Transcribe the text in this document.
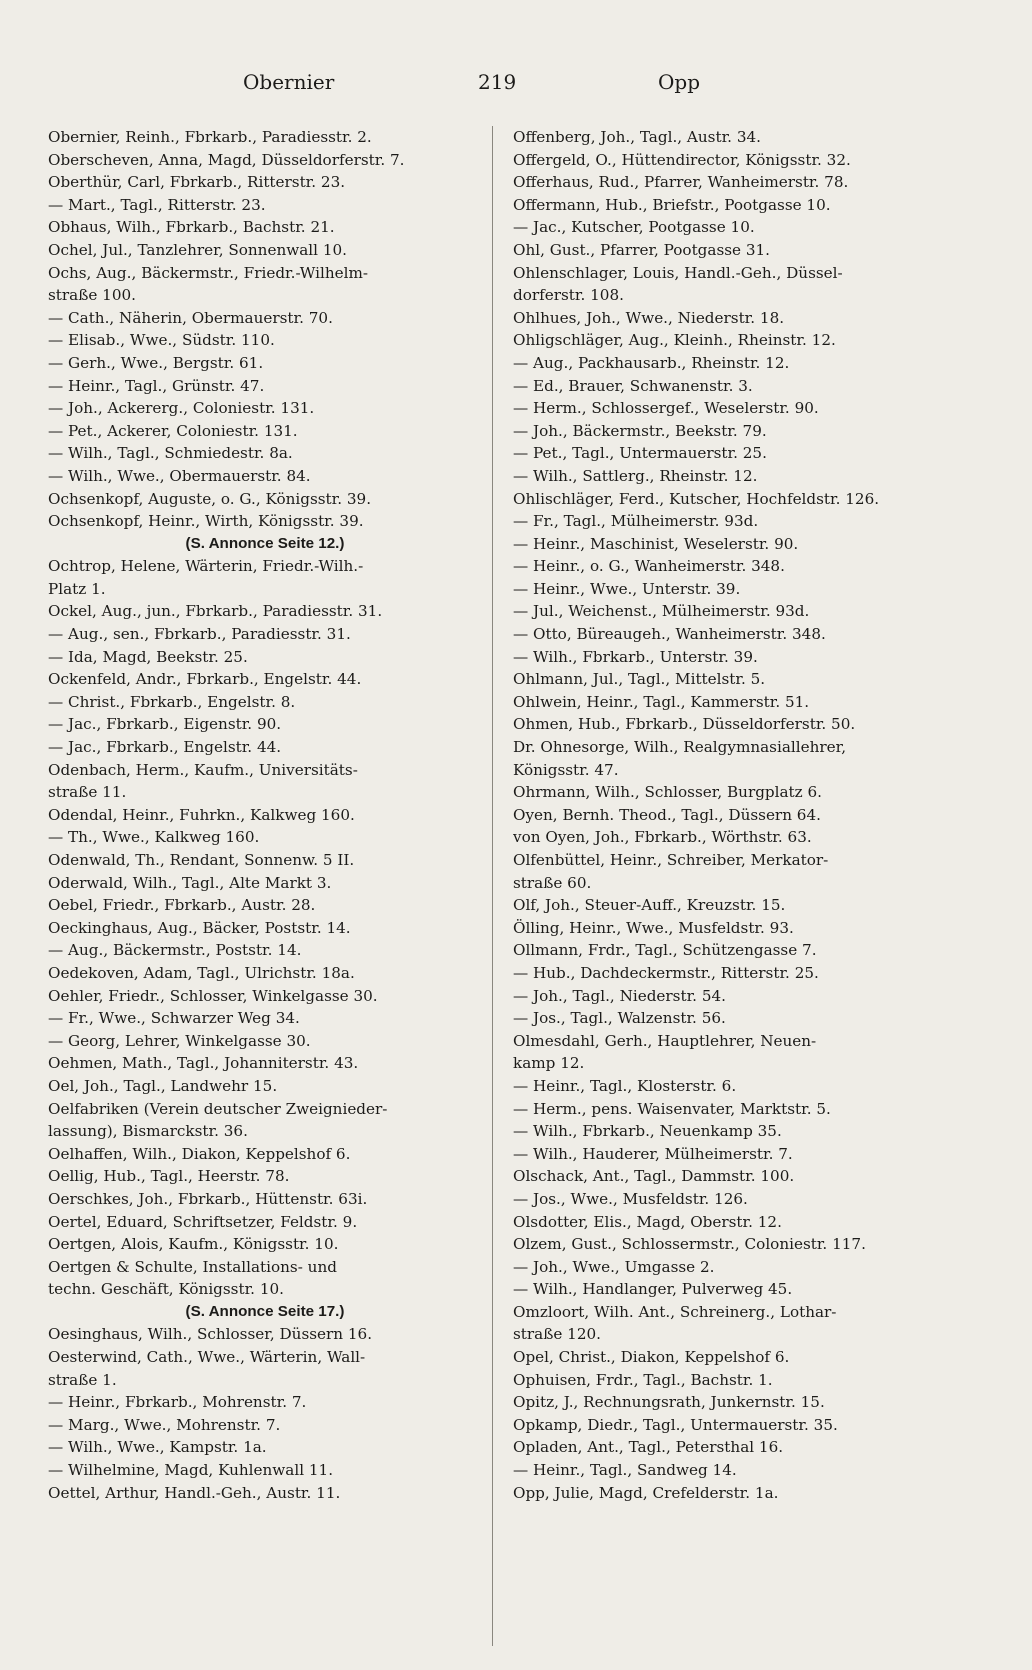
Obernier	219	Opp
Obernier, Reinh., Fbrkarb., Paradiesstr. 2.
Oberscheven, Anna, Magd, Düsseldorferstr. 7.
Oberthür, Carl, Fbrkarb., Ritterstr. 23.
— Mart., Tagl., Ritterstr. 23.
Obhaus, Wilh., Fbrkarb., Bachstr. 21.
Ochel, Jul., Tanzlehrer, Sonnenwall 10.
Ochs, Aug., Bäckermstr., Friedr.-Wilhelm-
straße 100.
— Cath., Näherin, Obermauerstr. 70.
— Elisab., Wwe., Südstr. 110.
— Gerh., Wwe., Bergstr. 61.
— Heinr., Tagl., Grünstr. 47.
— Joh., Ackererg., Coloniestr. 131.
— Pet., Ackerer, Coloniestr. 131.
— Wilh., Tagl., Schmiedestr. 8a.
— Wilh., Wwe., Obermauerstr. 84.
Ochsenkopf, Auguste, o. G., Königsstr. 39.
Ochsenkopf, Heinr., Wirth, Königsstr. 39.
(S. Annonce Seite 12.)
Ochtrop, Helene, Wärterin, Friedr.-Wilh.-
Platz 1.
Ockel, Aug., jun., Fbrkarb., Paradiesstr. 31.
— Aug., sen., Fbrkarb., Paradiesstr. 31.
— Ida, Magd, Beekstr. 25.
Ockenfeld, Andr., Fbrkarb., Engelstr. 44.
— Christ., Fbrkarb., Engelstr. 8.
— Jac., Fbrkarb., Eigenstr. 90.
— Jac., Fbrkarb., Engelstr. 44.
Odenbach, Herm., Kaufm., Universitäts-
straße 11.
Odendal, Heinr., Fuhrkn., Kalkweg 160.
— Th., Wwe., Kalkweg 160.
Odenwald, Th., Rendant, Sonnenw. 5 II.
Oderwald, Wilh., Tagl., Alte Markt 3.
Oebel, Friedr., Fbrkarb., Austr. 28.
Oeckinghaus, Aug., Bäcker, Poststr. 14.
— Aug., Bäckermstr., Poststr. 14.
Oedekoven, Adam, Tagl., Ulrichstr. 18a.
Oehler, Friedr., Schlosser, Winkelgasse 30.
— Fr., Wwe., Schwarzer Weg 34.
— Georg, Lehrer, Winkelgasse 30.
Oehmen, Math., Tagl., Johanniterstr. 43.
Oel, Joh., Tagl., Landwehr 15.
Oelfabriken (Verein deutscher Zweignieder-
lassung), Bismarckstr. 36.
Oelhaffen, Wilh., Diakon, Keppelshof 6.
Oellig, Hub., Tagl., Heerstr. 78.
Oerschkes, Joh., Fbrkarb., Hüttenstr. 63i.
Oertel, Eduard, Schriftsetzer, Feldstr. 9.
Oertgen, Alois, Kaufm., Königsstr. 10.
Oertgen & Schulte, Installations- und
techn. Geschäft, Königsstr. 10.
(S. Annonce Seite 17.)
Oesinghaus, Wilh., Schlosser, Düssern 16.
Oesterwind, Cath., Wwe., Wärterin, Wall-
straße 1.
— Heinr., Fbrkarb., Mohrenstr. 7.
— Marg., Wwe., Mohrenstr. 7.
— Wilh., Wwe., Kampstr. 1a.
— Wilhelmine, Magd, Kuhlenwall 11.
Oettel, Arthur, Handl.-Geh., Austr. 11.
Offenberg, Joh., Tagl., Austr. 34.
Offergeld, O., Hüttendirector, Königsstr. 32.
Offerhaus, Rud., Pfarrer, Wanheimerstr. 78.
Offermann, Hub., Briefstr., Pootgasse 10.
— Jac., Kutscher, Pootgasse 10.
Ohl, Gust., Pfarrer, Pootgasse 31.
Ohlenschlager, Louis, Handl.-Geh., Düssel-
dorferstr. 108.
Ohlhues, Joh., Wwe., Niederstr. 18.
Ohligschläger, Aug., Kleinh., Rheinstr. 12.
— Aug., Packhausarb., Rheinstr. 12.
— Ed., Brauer, Schwanenstr. 3.
— Herm., Schlossergef., Weselerstr. 90.
— Joh., Bäckermstr., Beekstr. 79.
— Pet., Tagl., Untermauerstr. 25.
— Wilh., Sattlerg., Rheinstr. 12.
Ohlischläger, Ferd., Kutscher, Hochfeldstr. 126.
— Fr., Tagl., Mülheimerstr. 93d.
— Heinr., Maschinist, Weselerstr. 90.
— Heinr., o. G., Wanheimerstr. 348.
— Heinr., Wwe., Unterstr. 39.
— Jul., Weichenst., Mülheimerstr. 93d.
— Otto, Büreaugeh., Wanheimerstr. 348.
— Wilh., Fbrkarb., Unterstr. 39.
Ohlmann, Jul., Tagl., Mittelstr. 5.
Ohlwein, Heinr., Tagl., Kammerstr. 51.
Ohmen, Hub., Fbrkarb., Düsseldorferstr. 50.
Dr. Ohnesorge, Wilh., Realgymnasiallehrer,
Königsstr. 47.
Ohrmann, Wilh., Schlosser, Burgplatz 6.
Oyen, Bernh. Theod., Tagl., Düssern 64.
von Oyen, Joh., Fbrkarb., Wörthstr. 63.
Olfenbüttel, Heinr., Schreiber, Merkator-
straße 60.
Olf, Joh., Steuer-Auff., Kreuzstr. 15.
Ölling, Heinr., Wwe., Musfeldstr. 93.
Ollmann, Frdr., Tagl., Schützengasse 7.
— Hub., Dachdeckermstr., Ritterstr. 25.
— Joh., Tagl., Niederstr. 54.
— Jos., Tagl., Walzenstr. 56.
Olmesdahl, Gerh., Hauptlehrer, Neuen-
kamp 12.
— Heinr., Tagl., Klosterstr. 6.
— Herm., pens. Waisenvater, Marktstr. 5.
— Wilh., Fbrkarb., Neuenkamp 35.
— Wilh., Hauderer, Mülheimerstr. 7.
Olschack, Ant., Tagl., Dammstr. 100.
— Jos., Wwe., Musfeldstr. 126.
Olsdotter, Elis., Magd, Oberstr. 12.
Olzem, Gust., Schlossermstr., Coloniestr. 117.
— Joh., Wwe., Umgasse 2.
— Wilh., Handlanger, Pulverweg 45.
Omzloort, Wilh. Ant., Schreinerg., Lothar-
straße 120.
Opel, Christ., Diakon, Keppelshof 6.
Ophuisen, Frdr., Tagl., Bachstr. 1.
Opitz, J., Rechnungsrath, Junkernstr. 15.
Opkamp, Diedr., Tagl., Untermauerstr. 35.
Opladen, Ant., Tagl., Petersthal 16.
— Heinr., Tagl., Sandweg 14.
Opp, Julie, Magd, Crefelderstr. 1a.
